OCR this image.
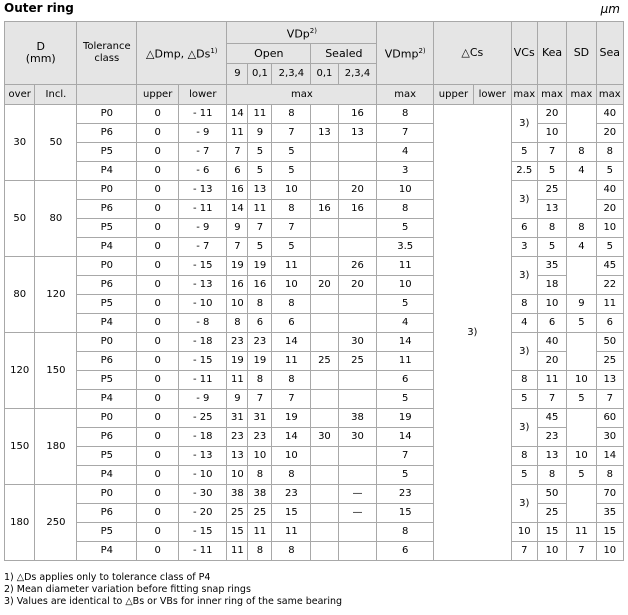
Outer ring	μm
D
(mm)		Tolerance class	△Dmp, △Ds$^{1)}$		VDp$^{2)}$					VDmp$^{2)}$	△Cs		VCs	Kea	SD	Sea
					Open			Sealed								
					9	0,1	2,3,4	0,1	2,3,4							
over	Incl.		upper	lower	max					max	upper	lower	max	max	max	max
30	50	P0	0	- 11	14	11	8		16	8	3)		3)	20		40
		P6	0	- 9	11	9	7	13	13	7				10		20
		P5	0	- 7	7	5	5			4			5	7	8	8
		P4	0	- 6	6	5	5			3			2.5	5	4	5
50	80	P0	0	- 13	16	13	10		20	10			3)	25		40
		P6	0	- 11	14	11	8	16	16	8				13		20
		P5	0	- 9	9	7	7			5			6	8	8	10
		P4	0	- 7	7	5	5			3.5			3	5	4	5
80	120	P0	0	- 15	19	19	11		26	11			3)	35		45
		P6	0	- 13	16	16	10	20	20	10				18		22
		P5	0	- 10	10	8	8			5			8	10	9	11
		P4	0	- 8	8	6	6			4			4	6	5	6
120	150	P0	0	- 18	23	23	14		30	14			3)	40		50
		P6	0	- 15	19	19	11	25	25	11				20		25
		P5	0	- 11	11	8	8			6			8	11	10	13
		P4	0	- 9	9	7	7			5			5	7	5	7
150	180	P0	0	- 25	31	31	19		38	19			3)	45		60
		P6	0	- 18	23	23	14	30	30	14				23		30
		P5	0	- 13	13	10	10			7			8	13	10	14
		P4	0	- 10	10	8	8			5			5	8	5	8
180	250	P0	0	- 30	38	38	23		—	23			3)	50		70
		P6	0	- 20	25	25	15		—	15				25		35
		P5	0	- 15	15	11	11			8			10	15	11	15
		P4	0	- 11	11	8	8			6			7	10	7	10
1) △Ds applies only to tolerance class of P4
2) Mean diameter variation before fitting snap rings
3) Values are identical to △Bs or VBs for inner ring of the same bearing
